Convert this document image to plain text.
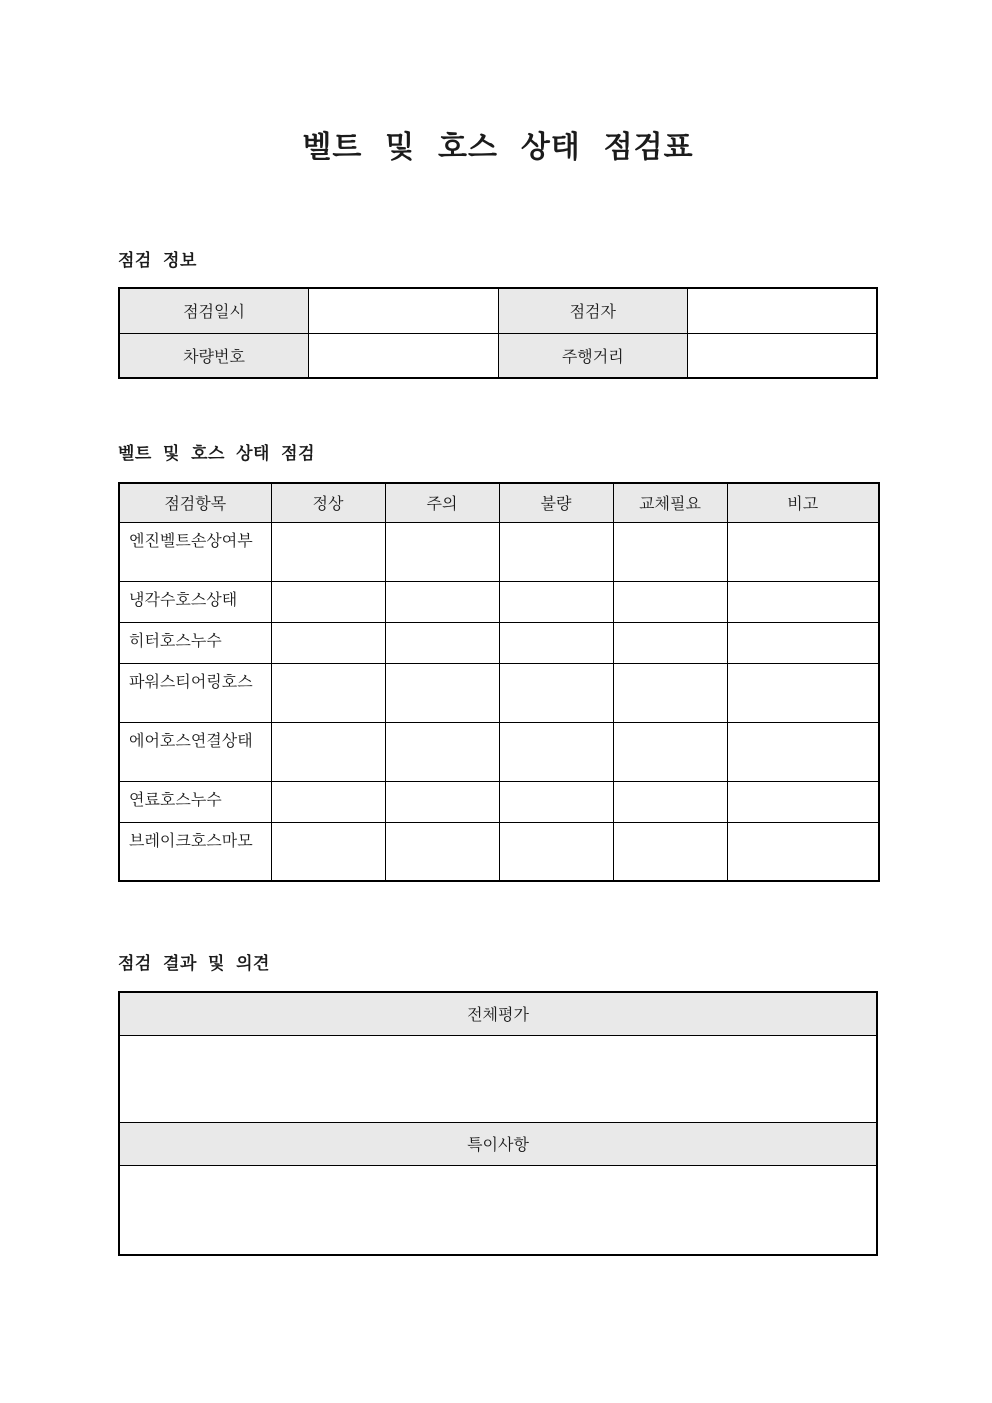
벨트 및 호스 상태 점검표
점검 정보
점검일시		점검자	
차량번호		주행거리	
벨트 및 호스 상태 점검
점검항목	정상	주의	불량	교체필요	비고
엔진벨트손상여부					
냉각수호스상태					
히터호스누수					
파워스티어링호스					
에어호스연결상태					
연료호스누수					
브레이크호스마모					
점검 결과 및 의견
전체평가

특이사항
